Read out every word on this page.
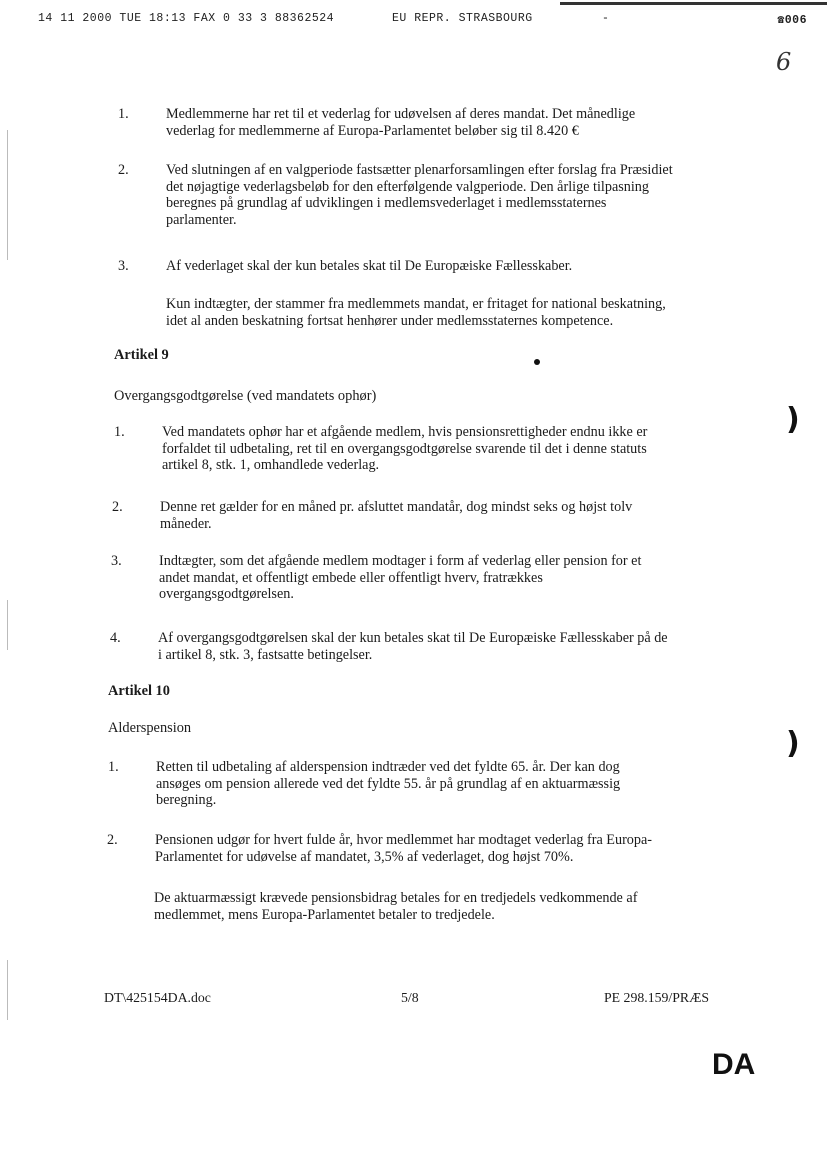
14 11 2000 TUE 18:13 FAX 0 33 3 88362524	EU REPR. STRASBOURG	-	☎006
6
1.	Medlemmerne har ret til et vederlag for udøvelsen af deres mandat. Det månedlige
vederlag for medlemmerne af Europa-Parlamentet beløber sig til 8.420 €
2.	Ved slutningen af en valgperiode fastsætter plenarforsamlingen efter forslag fra Præsidiet
det nøjagtige vederlagsbeløb for den efterfølgende valgperiode. Den årlige tilpasning
beregnes på grundlag af udviklingen i medlemsvederlaget i medlemsstaternes
parlamenter.
3.	Af vederlaget skal der kun betales skat til De Europæiske Fællesskaber.
Kun indtægter, der stammer fra medlemmets mandat, er fritaget for national beskatning,
idet al anden beskatning fortsat henhører under medlemsstaternes kompetence.
Artikel 9
Overgangsgodtgørelse (ved mandatets ophør)
1.	Ved mandatets ophør har et afgående medlem, hvis pensionsrettigheder endnu ikke er
forfaldet til udbetaling, ret til en overgangsgodtgørelse svarende til det i denne statuts
artikel 8, stk. 1, omhandlede vederlag.
2.	Denne ret gælder for en måned pr. afsluttet mandatår, dog mindst seks og højst tolv
måneder.
3.	Indtægter, som det afgående medlem modtager i form af vederlag eller pension for et
andet mandat, et offentligt embede eller offentligt hverv, fratrækkes
overgangsgodtgørelsen.
4.	Af overgangsgodtgørelsen skal der kun betales skat til De Europæiske Fællesskaber på de
i artikel 8, stk. 3, fastsatte betingelser.
Artikel 10
Alderspension
1.	Retten til udbetaling af alderspension indtræder ved det fyldte 65. år. Der kan dog
ansøges om pension allerede ved det fyldte 55. år på grundlag af en aktuarmæssig
beregning.
2.	Pensionen udgør for hvert fulde år, hvor medlemmet har modtaget vederlag fra Europa-
Parlamentet for udøvelse af mandatet, 3,5% af vederlaget, dog højst 70%.
De aktuarmæssigt krævede pensionsbidrag betales for en tredjedels vedkommende af
medlemmet, mens Europa-Parlamentet betaler to tredjedele.
)
)
DT\425154DA.doc	5/8	PE 298.159/PRÆS
DA
